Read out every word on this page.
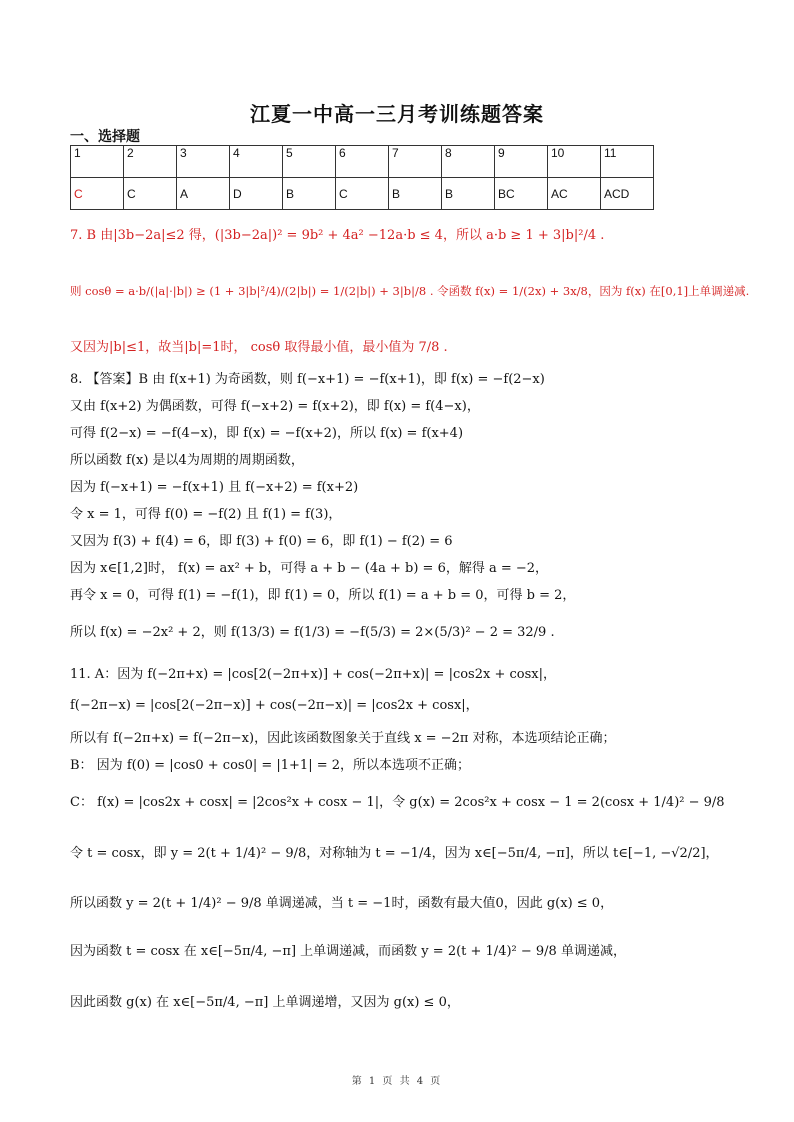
江夏一中高一三月考训练题答案
一、选择题
1	2	3	4	5	6	7	8	9	10	11
C	C	A	D	B	C	B	B	BC	AC	ACD
7. B 由|3b−2a|≤2 得，(|3b−2a|)² = 9b² + 4a² −12a·b ≤ 4，所以 a·b ≥ 1 + 3|b|²/4 .
则 cosθ = a·b/(|a|·|b|) ≥ (1 + 3|b|²/4)/(2|b|) = 1/(2|b|) + 3|b|/8 . 令函数 f(x) = 1/(2x) + 3x/8，因为 f(x) 在[0,1]上单调递减.
又因为|b|≤1，故当|b|=1时， cosθ 取得最小值，最小值为 7/8 .
8. 【答案】B 由 f(x+1) 为奇函数，则 f(−x+1) = −f(x+1)，即 f(x) = −f(2−x)
又由 f(x+2) 为偶函数，可得 f(−x+2) = f(x+2)，即 f(x) = f(4−x)，
可得 f(2−x) = −f(4−x)，即 f(x) = −f(x+2)，所以 f(x) = f(x+4)
所以函数 f(x) 是以4为周期的周期函数，
因为 f(−x+1) = −f(x+1) 且 f(−x+2) = f(x+2)
令 x = 1，可得 f(0) = −f(2) 且 f(1) = f(3)，
又因为 f(3) + f(4) = 6，即 f(3) + f(0) = 6，即 f(1) − f(2) = 6
因为 x∈[1,2]时， f(x) = ax² + b，可得 a + b − (4a + b) = 6，解得 a = −2，
再令 x = 0，可得 f(1) = −f(1)，即 f(1) = 0，所以 f(1) = a + b = 0，可得 b = 2，
所以 f(x) = −2x² + 2，则 f(13/3) = f(1/3) = −f(5/3) = 2×(5/3)² − 2 = 32/9 .
11. A：因为 f(−2π+x) = |cos[2(−2π+x)] + cos(−2π+x)| = |cos2x + cosx|，
f(−2π−x) = |cos[2(−2π−x)] + cos(−2π−x)| = |cos2x + cosx|，
所以有 f(−2π+x) = f(−2π−x)，因此该函数图象关于直线 x = −2π 对称，本选项结论正确；
B： 因为 f(0) = |cos0 + cos0| = |1+1| = 2，所以本选项不正确；
C： f(x) = |cos2x + cosx| = |2cos²x + cosx − 1|，令 g(x) = 2cos²x + cosx − 1 = 2(cosx + 1/4)² − 9/8
令 t = cosx，即 y = 2(t + 1/4)² − 9/8，对称轴为 t = −1/4，因为 x∈[−5π/4, −π]，所以 t∈[−1, −√2/2]，
所以函数 y = 2(t + 1/4)² − 9/8 单调递减，当 t = −1时，函数有最大值0，因此 g(x) ≤ 0，
因为函数 t = cosx 在 x∈[−5π/4, −π] 上单调递减，而函数 y = 2(t + 1/4)² − 9/8 单调递减，
因此函数 g(x) 在 x∈[−5π/4, −π] 上单调递增，又因为 g(x) ≤ 0，
第 1 页 共 4 页
